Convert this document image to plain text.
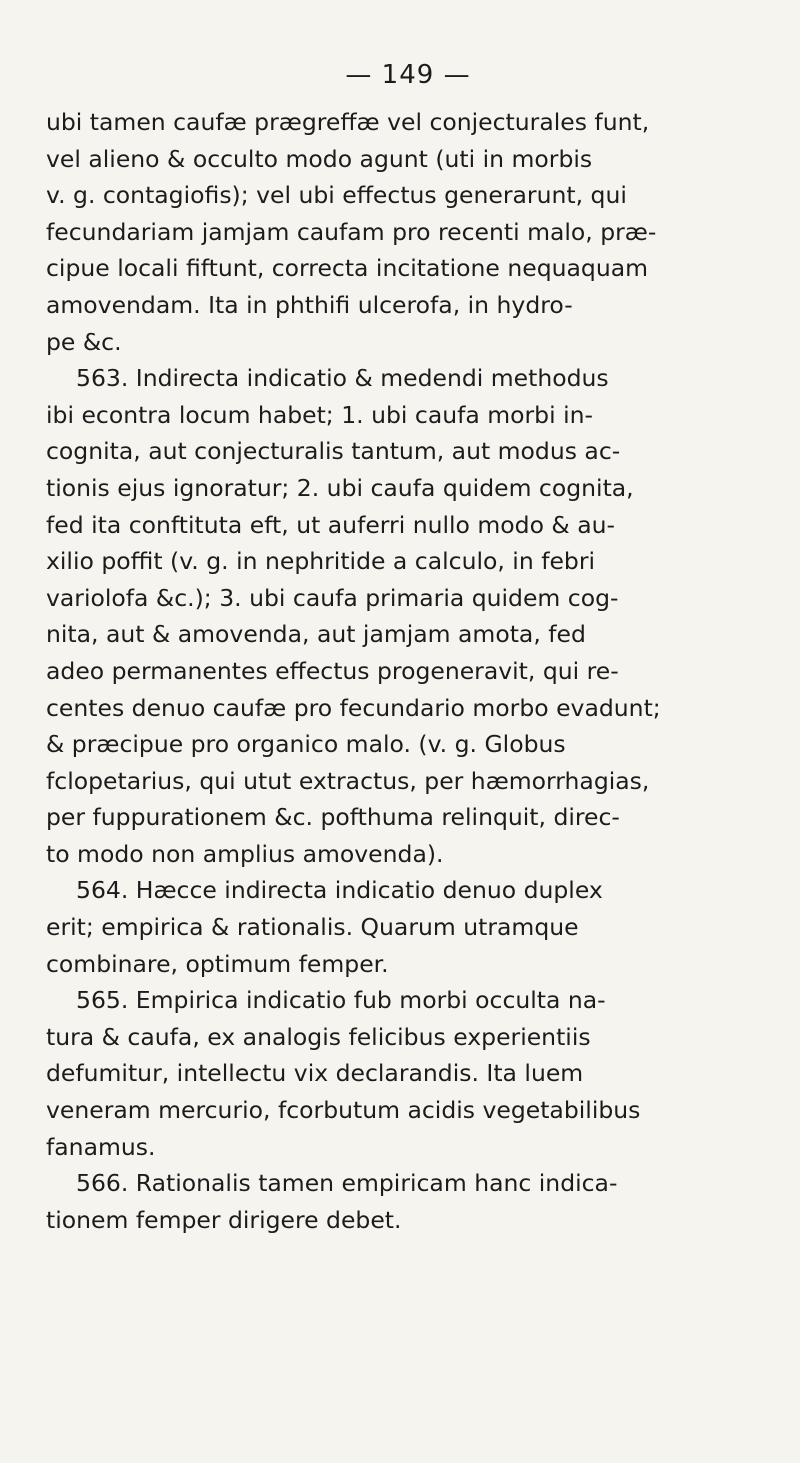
— 149 —
ubi tamen caufæ prægreffæ vel conjecturales funt,
vel alieno & occulto modo agunt (uti in morbis
v. g. contagiofis); vel ubi effectus generarunt, qui
fecundariam jamjam caufam pro recenti malo, præ-
cipue locali fiftunt, correcta incitatione nequaquam
amovendam. Ita in phthifi ulcerofa, in hydro-
pe &c.
563. Indirecta indicatio & medendi methodus
ibi econtra locum habet; 1. ubi caufa morbi in-
cognita, aut conjecturalis tantum, aut modus ac-
tionis ejus ignoratur; 2. ubi caufa quidem cognita,
fed ita conftituta eft, ut auferri nullo modo & au-
xilio poffit (v. g. in nephritide a calculo, in febri
variolofa &c.); 3. ubi caufa primaria quidem cog-
nita, aut & amovenda, aut jamjam amota, fed
adeo permanentes effectus progeneravit, qui re-
centes denuo caufæ pro fecundario morbo evadunt;
& præcipue pro organico malo. (v. g. Globus
fclopetarius, qui utut extractus, per hæmorrhagias,
per fuppurationem &c. pofthuma relinquit, direc-
to modo non amplius amovenda).
564. Hæcce indirecta indicatio denuo duplex
erit; empirica & rationalis. Quarum utramque
combinare, optimum femper.
565. Empirica indicatio fub morbi occulta na-
tura & caufa, ex analogis felicibus experientiis
defumitur, intellectu vix declarandis. Ita luem
veneram mercurio, fcorbutum acidis vegetabilibus
fanamus.
566. Rationalis tamen empiricam hanc indica-
tionem femper dirigere debet.
